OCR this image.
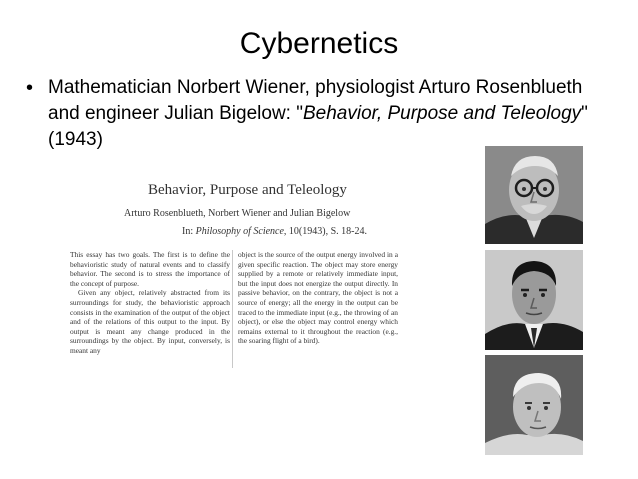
Cybernetics
• Mathematician Norbert Wiener, physiologist Arturo Rosenblueth and engineer Julian Bigelow: "Behavior, Purpose and Teleology" (1943)
Behavior, Purpose and Teleology
Arturo Rosenblueth, Norbert Wiener and Julian Bigelow
In: Philosophy of Science, 10(1943), S. 18-24.

This essay has two goals. The first is to define the behavioristic study of natural events and to classify behavior. The second is to stress the importance of the concept of purpose.

Given any object, relatively abstracted from its surroundings for study, the behavioristic approach consists in the examination of the output of the object and of the relations of this output to the input. By output is meant any change produced in the surroundings by the object. By input, conversely, is meant any

object is the source of the output energy involved in a given specific reaction. The object may store energy supplied by a remote or relatively immediate input, but the input does not energize the output directly. In passive behavior, on the contrary, the object is not a source of energy; all the energy in the output can be traced to the immediate input (e.g., the throwing of an object), or else the object may control energy which remains external to it throughout the reaction (e.g., the soaring flight of a bird).
